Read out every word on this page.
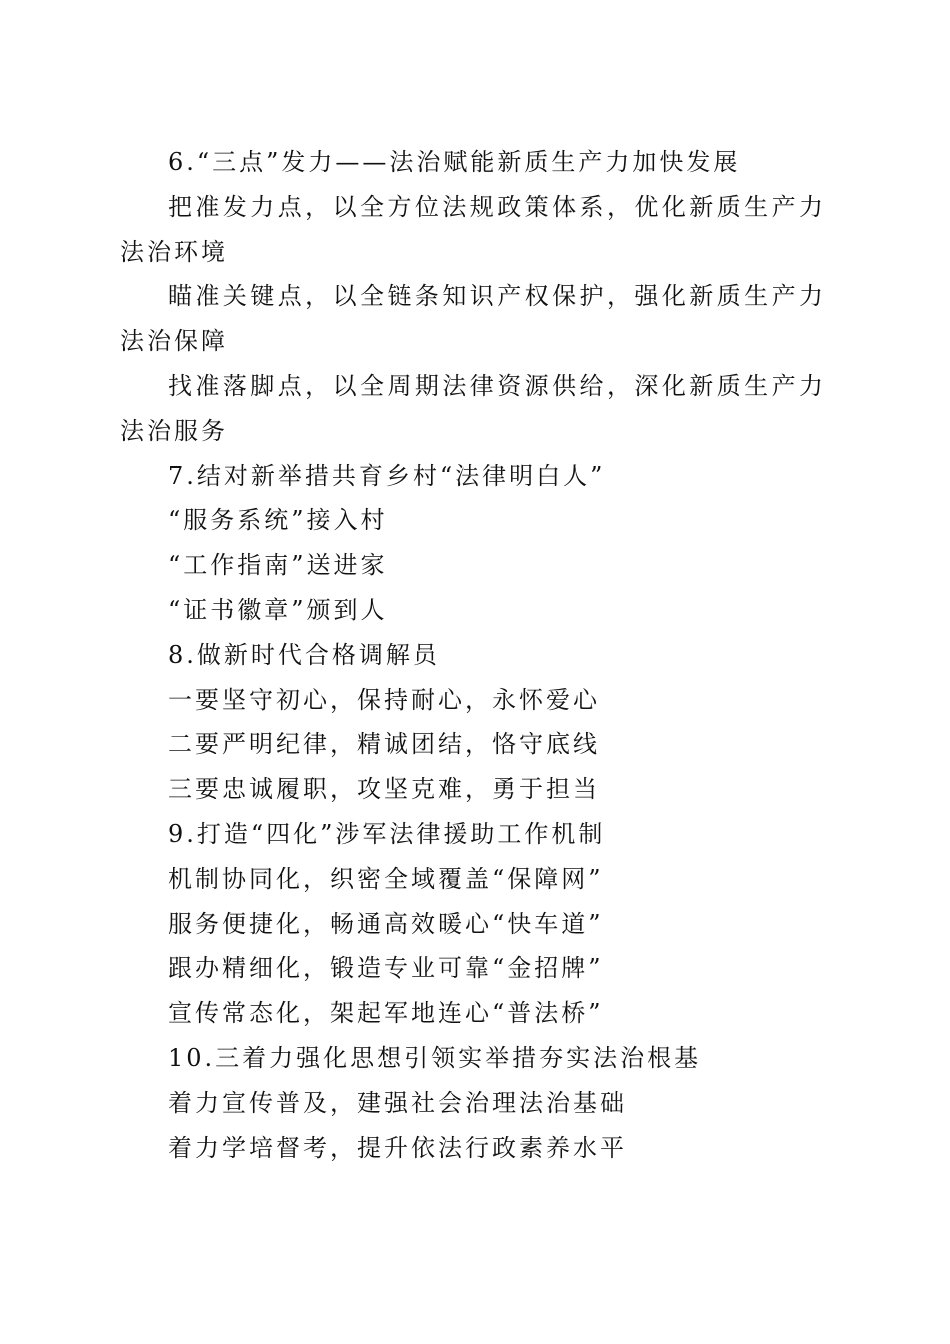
6.“三点”发力——法治赋能新质生产力加快发展

把准发力点，以全方位法规政策体系，优化新质生产力法治环境

瞄准关键点，以全链条知识产权保护，强化新质生产力法治保障

找准落脚点，以全周期法律资源供给，深化新质生产力法治服务

7.结对新举措共育乡村“法律明白人”

“服务系统”接入村

“工作指南”送进家

“证书徽章”颁到人

8.做新时代合格调解员

一要坚守初心，保持耐心，永怀爱心

二要严明纪律，精诚团结，恪守底线

三要忠诚履职，攻坚克难，勇于担当

9.打造“四化”涉军法律援助工作机制

机制协同化，织密全域覆盖“保障网”

服务便捷化，畅通高效暖心“快车道”

跟办精细化，锻造专业可靠“金招牌”

宣传常态化，架起军地连心“普法桥”

10.三着力强化思想引领实举措夯实法治根基

着力宣传普及，建强社会治理法治基础

着力学培督考，提升依法行政素养水平
